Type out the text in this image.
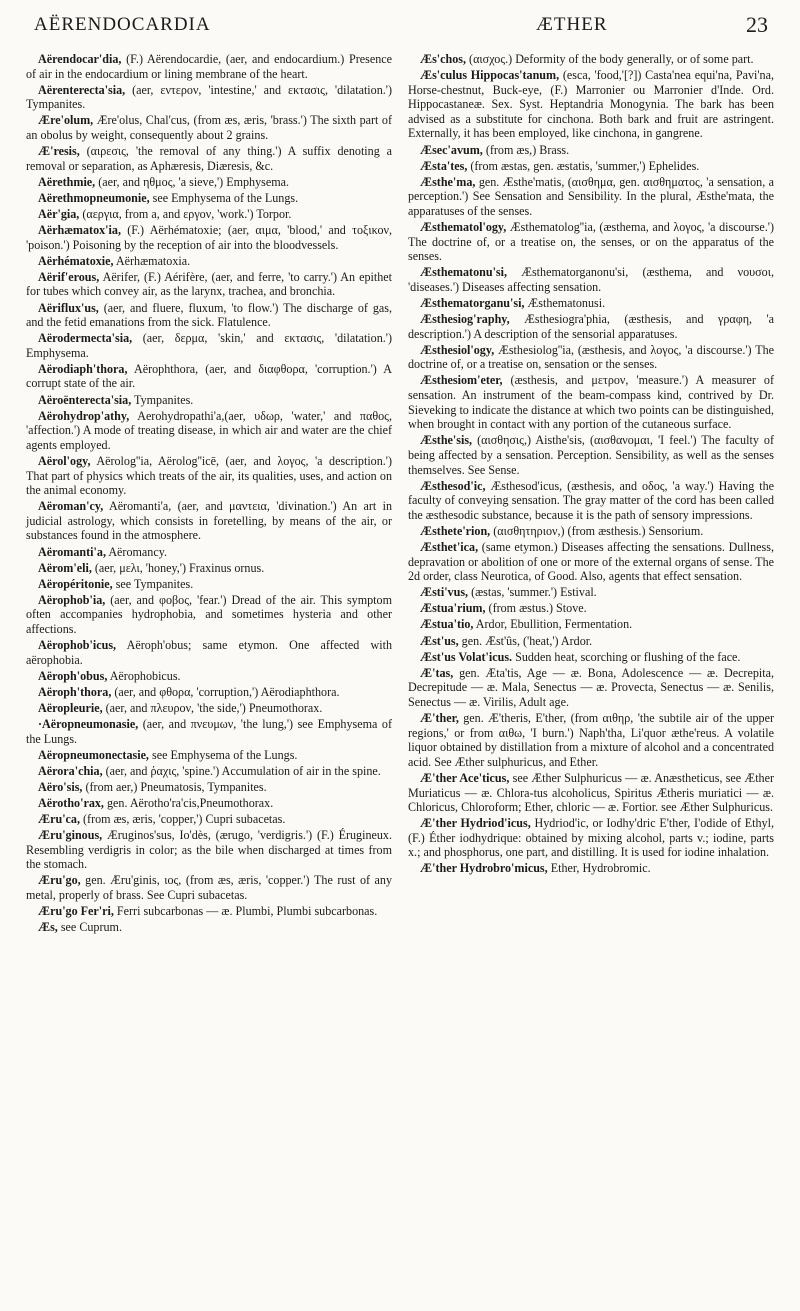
AËRENDOCARDIA	ÆTHER	23

Aërendocar'dia, (F.) Aërendocardie, (aer, and endocardium.) Presence of air in the endocardium or lining membrane of the heart.

Aërenterecta'sia, (aer, εντερον, 'intestine,' and εκτασις, 'dilatation.') Tympanites.

Ære'olum, Ære'olus, Chal'cus, (from æs, æris, 'brass.') The sixth part of an obolus by weight, consequently about 2 grains.

Æ'resis, (αιρεσις, 'the removal of any thing.') A suffix denoting a removal or separation, as Aphæresis, Diæresis, &c.

Aërethmie, (aer, and ηθμος, 'a sieve,') Emphysema.

Aërethmopneumonie, see Emphysema of the Lungs.

Aër'gia, (αεργια, from a, and εργον, 'work.') Torpor.

Aërhæmatox'ia, (F.) Aërhématoxie; (aer, αιμα, 'blood,' and τοξικον, 'poison.') Poisoning by the reception of air into the bloodvessels.

Aërhématoxie, Aërhæmatoxia.

Aërif'erous, Aërifer, (F.) Aérifère, (aer, and ferre, 'to carry.') An epithet for tubes which convey air, as the larynx, trachea, and bronchia.

Aëriflux'us, (aer, and fluere, fluxum, 'to flow.') The discharge of gas, and the fetid emanations from the sick. Flatulence.

Aërodermecta'sia, (aer, δερμα, 'skin,' and εκτασις, 'dilatation.') Emphysema.

Aërodiaph'thora, Aërophthora, (aer, and διαφθορα, 'corruption.') A corrupt state of the air.

Aëroënterecta'sia, Tympanites.

Aërohydrop'athy, Aerohydropathi'a,(aer, υδωρ, 'water,' and παθος, 'affection.') A mode of treating disease, in which air and water are the chief agents employed.

Aërol'ogy, Aërolog''ia, Aërolog''icē, (aer, and λογος, 'a description.') That part of physics which treats of the air, its qualities, uses, and action on the animal economy.

Aëroman'cy, Aëromanti'a, (aer, and μαντεια, 'divination.') An art in judicial astrology, which consists in foretelling, by means of the air, or substances found in the atmosphere.

Aëromanti'a, Aëromancy.

Aërom'eli, (aer, μελι, 'honey,') Fraxinus ornus.

Aëropéritonie, see Tympanites.

Aërophob'ia, (aer, and φοβος, 'fear.') Dread of the air. This symptom often accompanies hydrophobia, and sometimes hysteria and other affections.

Aërophob'icus, Aëroph'obus; same etymon. One affected with aërophobia.

Aëroph'obus, Aërophobicus.

Aëroph'thora, (aer, and φθορα, 'corruption,') Aërodiaphthora.

Aëropleurie, (aer, and πλευρον, 'the side,') Pneumothorax.

·Aëropneumonasie, (aer, and πνευμων, 'the lung,') see Emphysema of the Lungs.

Aëropneumonectasie, see Emphysema of the Lungs.

Aërora'chia, (aer, and ῥαχις, 'spine.') Accumulation of air in the spine.

Aëro'sis, (from aer,) Pneumatosis, Tympanites.

Aërotho'rax, gen. Aërotho'ra'cis,Pneumothorax.

Æru'ca, (from æs, æris, 'copper,') Cupri subacetas.

Æru'ginous, Æruginos'sus, Io'dès, (ærugo, 'verdigris.') (F.) Érugineux. Resembling verdigris in color; as the bile when discharged at times from the stomach.

Æru'go, gen. Æru'ginis, ιος, (from æs, æris, 'copper.') The rust of any metal, properly of brass. See Cupri subacetas.

Æru'go Fer'ri, Ferri subcarbonas — æ. Plumbi, Plumbi subcarbonas.

Æs, see Cuprum.

Æs'chos, (αισχος.) Deformity of the body generally, or of some part.

Æs'culus Hippocas'tanum, (esca, 'food,'[?]) Casta'nea equi'na, Pavi'na, Horse-chestnut, Buck-eye, (F.) Marronier ou Marronier d'Inde. Ord. Hippocastaneæ. Sex. Syst. Heptandria Monogynia. The bark has been advised as a substitute for cinchona. Both bark and fruit are astringent. Externally, it has been employed, like cinchona, in gangrene.

Æsec'avum, (from æs,) Brass.

Æsta'tes, (from æstas, gen. æstatis, 'summer,') Ephelides.

Æsthe'ma, gen. Æsthe'matis, (αισθημα, gen. αισθηματος, 'a sensation, a perception.') See Sensation and Sensibility. In the plural, Æsthe'mata, the apparatuses of the senses.

Æsthematol'ogy, Æsthematolog''ia, (æsthema, and λογος, 'a discourse.') The doctrine of, or a treatise on, the senses, or on the apparatus of the senses.

Æsthematonu'si, Æsthematorganonu'si, (æsthema, and νουσοι, 'diseases.') Diseases affecting sensation.

Æsthematorganu'si, Æsthematonusi.

Æsthesiog'raphy, Æsthesiogra'phia, (æsthesis, and γραφη, 'a description.') A description of the sensorial apparatuses.

Æsthesiol'ogy, Æsthesiolog''ia, (æsthesis, and λογος, 'a discourse.') The doctrine of, or a treatise on, sensation or the senses.

Æsthesiom'eter, (æsthesis, and μετρον, 'measure.') A measurer of sensation. An instrument of the beam-compass kind, contrived by Dr. Sieveking to indicate the distance at which two points can be distinguished, when brought in contact with any portion of the cutaneous surface.

Æsthe'sis, (αισθησις,) Aisthe'sis, (αισθανομαι, 'I feel.') The faculty of being affected by a sensation. Perception. Sensibility, as well as the senses themselves. See Sense.

Æsthesod'ic, Æsthesod'icus, (æsthesis, and οδος, 'a way.') Having the faculty of conveying sensation. The gray matter of the cord has been called the æsthesodic substance, because it is the path of sensory impressions.

Æsthete'rion, (αισθητηριον,) (from æsthesis.) Sensorium.

Æsthet'ica, (same etymon.) Diseases affecting the sensations. Dullness, depravation or abolition of one or more of the external organs of sense. The 2d order, class Neurotica, of Good. Also, agents that effect sensation.

Æsti'vus, (æstas, 'summer.') Estival.

Æstua'rium, (from æstus.) Stove.

Æstua'tio, Ardor, Ebullition, Fermentation.

Æst'us, gen. Æst'ûs, ('heat,') Ardor.

Æst'us Volat'icus. Sudden heat, scorching or flushing of the face.

Æ'tas, gen. Æta'tis, Age — æ. Bona, Adolescence — æ. Decrepita, Decrepitude — æ. Mala, Senectus — æ. Provecta, Senectus — æ. Senilis, Senectus — æ. Virilis, Adult age.

Æ'ther, gen. Æ'theris, E'ther, (from αιθηρ, 'the subtile air of the upper regions,' or from αιθω, 'I burn.') Naph'tha, Li'quor æthe'reus. A volatile liquor obtained by distillation from a mixture of alcohol and a concentrated acid. See Æther sulphuricus, and Ether.

Æ'ther Ace'ticus, see Æther Sulphuricus — æ. Anæstheticus, see Æther Muriaticus — æ. Chlora-tus alcoholicus, Spiritus Ætheris muriatici — æ. Chloricus, Chloroform; Ether, chloric — æ. Fortior. see Æther Sulphuricus.

Æ'ther Hydriod'icus, Hydriod'ic, or Iodhy'dric E'ther, I'odide of Ethyl, (F.) Éther iodhydrique: obtained by mixing alcohol, parts v.; iodine, parts x.; and phosphorus, one part, and distilling. It is used for iodine inhalation.

Æ'ther Hydrobro'micus, Ether, Hydrobromic.
